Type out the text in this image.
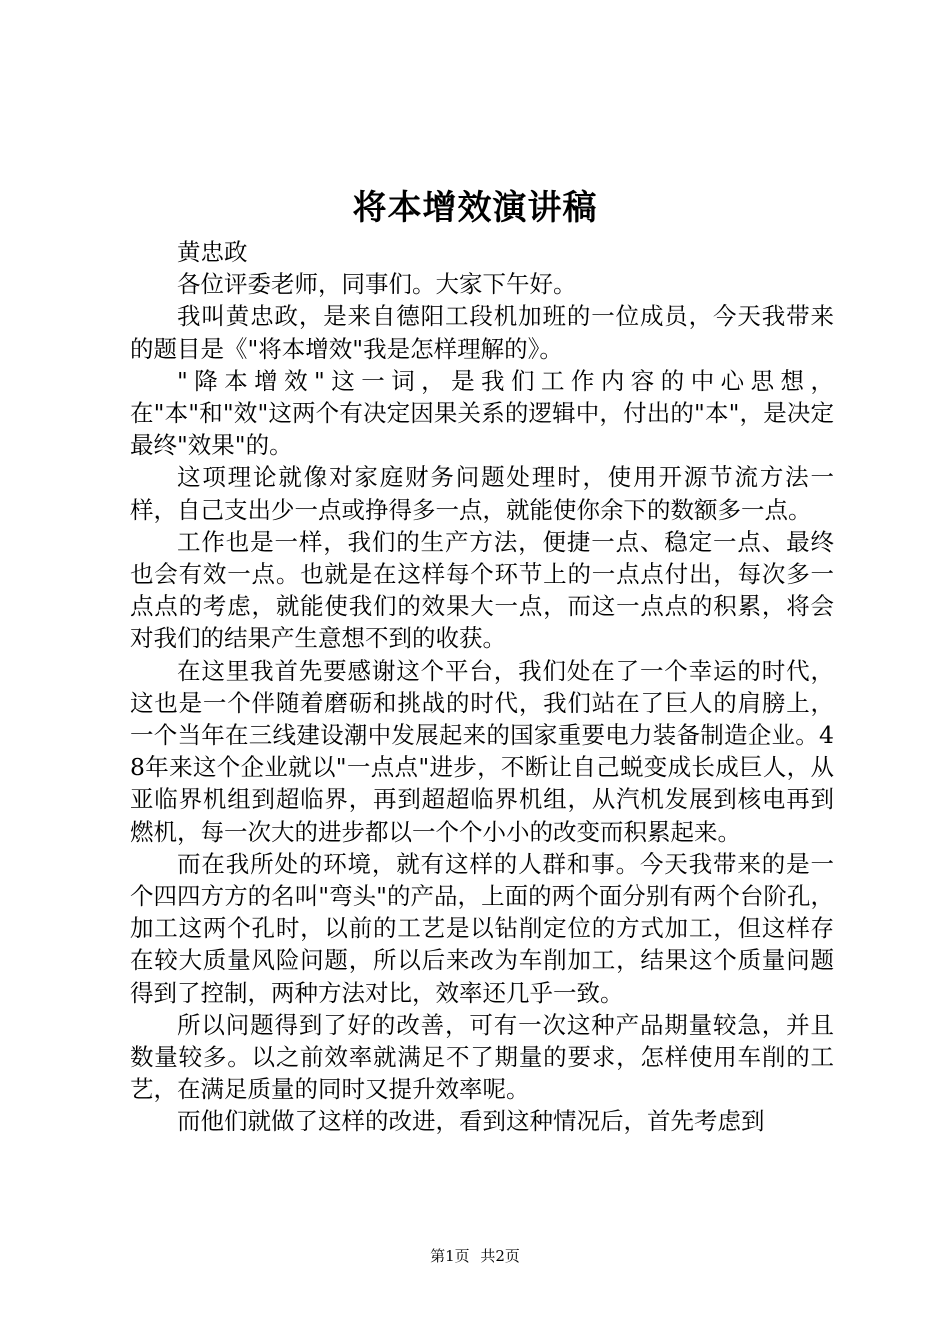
将本增效演讲稿

黄忠政

各位评委老师，同事们。大家下午好。

我叫黄忠政，是来自德阳工段机加班的一位成员，今天我带来的题目是《"将本增效"我是怎样理解的》。

"降本增效"这一词，是我们工作内容的中心思想，在"本"和"效"这两个有决定因果关系的逻辑中，付出的"本"，是决定最终"效果"的。

这项理论就像对家庭财务问题处理时，使用开源节流方法一样，自己支出少一点或挣得多一点，就能使你余下的数额多一点。

工作也是一样，我们的生产方法，便捷一点、稳定一点、最终也会有效一点。也就是在这样每个环节上的一点点付出，每次多一点点的考虑，就能使我们的效果大一点，而这一点点的积累，将会对我们的结果产生意想不到的收获。

在这里我首先要感谢这个平台，我们处在了一个幸运的时代，这也是一个伴随着磨砺和挑战的时代，我们站在了巨人的肩膀上，一个当年在三线建设潮中发展起来的国家重要电力装备制造企业。48年来这个企业就以"一点点"进步，不断让自己蜕变成长成巨人，从亚临界机组到超临界，再到超超临界机组，从汽机发展到核电再到燃机，每一次大的进步都以一个个小小的改变而积累起来。

而在我所处的环境，就有这样的人群和事。今天我带来的是一个四四方方的名叫"弯头"的产品，上面的两个面分别有两个台阶孔，加工这两个孔时，以前的工艺是以钻削定位的方式加工，但这样存在较大质量风险问题，所以后来改为车削加工，结果这个质量问题得到了控制，两种方法对比，效率还几乎一致。

所以问题得到了好的改善，可有一次这种产品期量较急，并且数量较多。以之前效率就满足不了期量的要求，怎样使用车削的工艺，在满足质量的同时又提升效率呢。

而他们就做了这样的改进，看到这种情况后，首先考虑到

第1页 共2页
